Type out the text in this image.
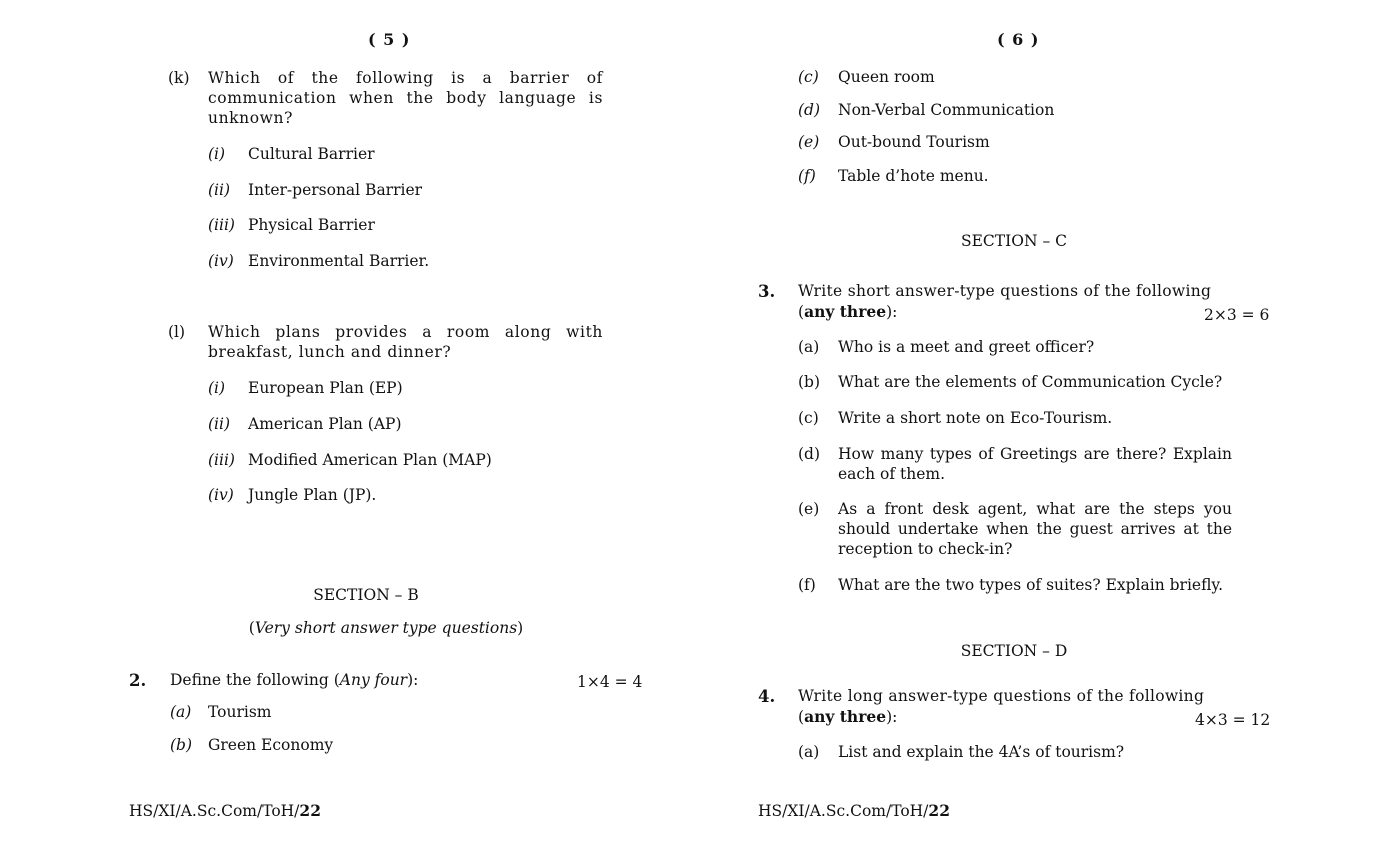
( 5 )
(k) Which of the following is a barrier of communication when the body language is unknown?
(i) Cultural Barrier
(ii) Inter-personal Barrier
(iii) Physical Barrier
(iv) Environmental Barrier.
(l) Which plans provides a room along with breakfast, lunch and dinner?
(i) European Plan (EP)
(ii) American Plan (AP)
(iii) Modified American Plan (MAP)
(iv) Jungle Plan (JP).
SECTION – B
(Very short answer type questions)
2. Define the following (Any four):	1×4 = 4
(a) Tourism
(b) Green Economy
HS/XI/A.Sc.Com/ToH/22
( 6 )
(c) Queen room
(d) Non-Verbal Communication
(e) Out-bound Tourism
(f) Table d’hote menu.
SECTION – C
3. Write short answer-type questions of the following
(any three):	2×3 = 6
(a) Who is a meet and greet officer?
(b) What are the elements of Communication Cycle?
(c) Write a short note on Eco-Tourism.
(d) How many types of Greetings are there? Explain each of them.
(e) As a front desk agent, what are the steps you should undertake when the guest arrives at the reception to check-in?
(f) What are the two types of suites? Explain briefly.
SECTION – D
4. Write long answer-type questions of the following
(any three):	4×3 = 12
(a) List and explain the 4A’s of tourism?
HS/XI/A.Sc.Com/ToH/22
